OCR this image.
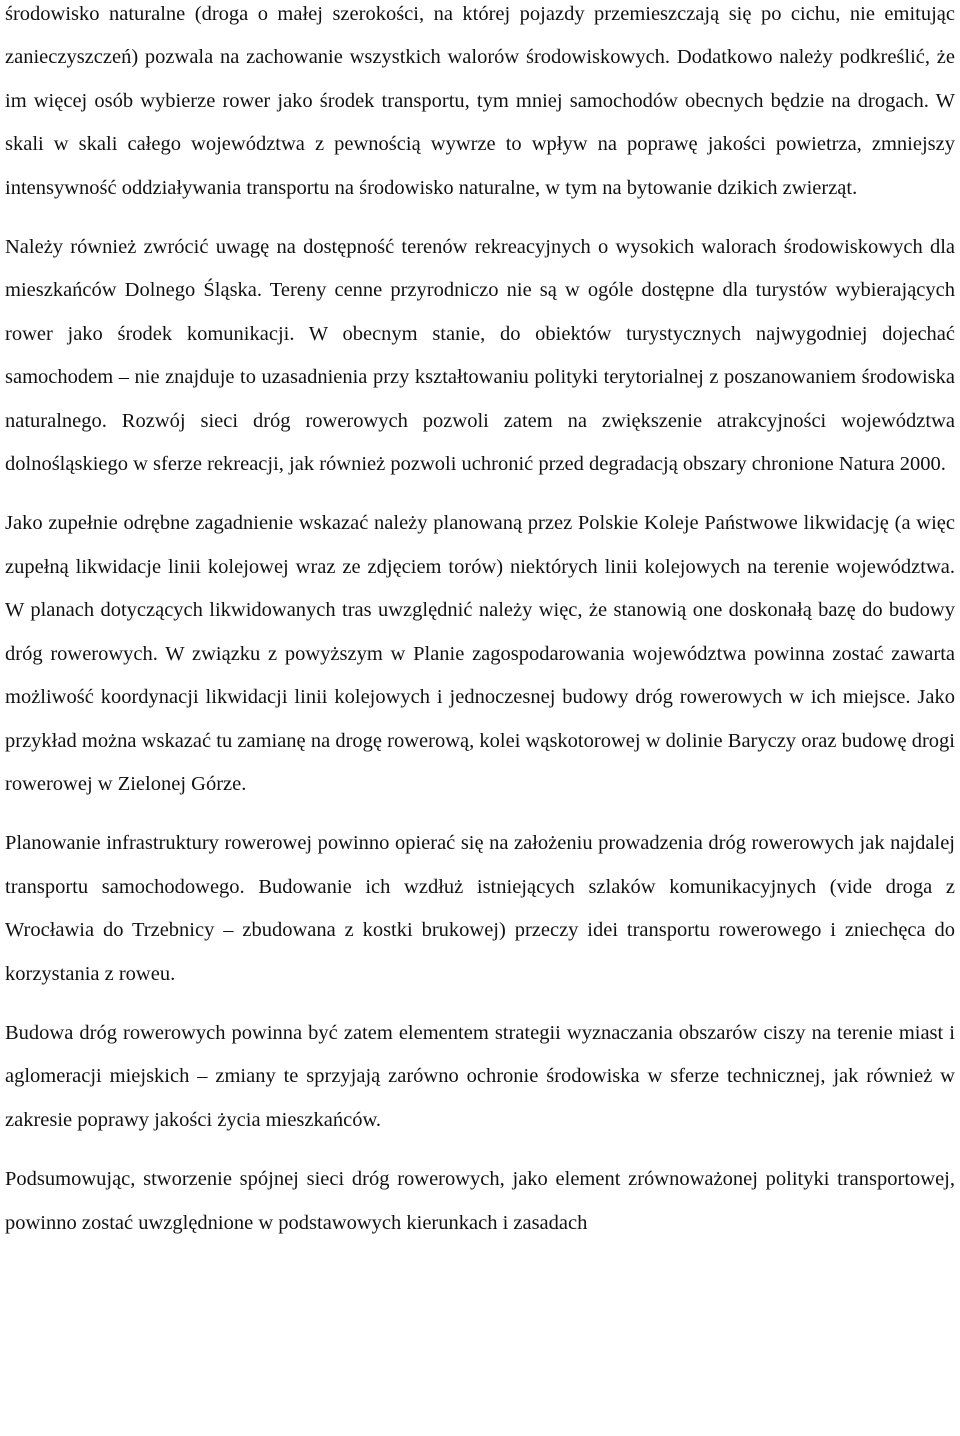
środowisko naturalne (droga o małej szerokości, na której pojazdy przemieszczają się po cichu, nie emitując zanieczyszczeń) pozwala na zachowanie wszystkich walorów środowiskowych. Dodatkowo należy podkreślić, że im więcej osób wybierze rower jako środek transportu, tym mniej samochodów obecnych będzie na drogach. W skali w skali całego województwa z pewnością wywrze to wpływ na poprawę jakości powietrza, zmniejszy intensywność oddziaływania transportu na środowisko naturalne, w tym na bytowanie dzikich zwierząt.

Należy również zwrócić uwagę na dostępność terenów rekreacyjnych o wysokich walorach środowiskowych dla mieszkańców Dolnego Śląska. Tereny cenne przyrodniczo nie są w ogóle dostępne dla turystów wybierających rower jako środek komunikacji. W obecnym stanie, do obiektów turystycznych najwygodniej dojechać samochodem – nie znajduje to uzasadnienia przy kształtowaniu polityki terytorialnej z poszanowaniem środowiska naturalnego. Rozwój sieci dróg rowerowych pozwoli zatem na zwiększenie atrakcyjności województwa dolnośląskiego w sferze rekreacji, jak również pozwoli uchronić przed degradacją obszary chronione Natura 2000.

Jako zupełnie odrębne zagadnienie wskazać należy planowaną przez Polskie Koleje Państwowe likwidację (a więc zupełną likwidacje linii kolejowej wraz ze zdjęciem torów) niektórych linii kolejowych na terenie województwa. W planach dotyczących likwidowanych tras uwzględnić należy więc, że stanowią one doskonałą bazę do budowy dróg rowerowych. W związku z powyższym w Planie zagospodarowania województwa powinna zostać zawarta możliwość koordynacji likwidacji linii kolejowych i jednoczesnej budowy dróg rowerowych w ich miejsce. Jako przykład można wskazać tu zamianę na drogę rowerową, kolei wąskotorowej w dolinie Baryczy oraz budowę drogi rowerowej w Zielonej Górze.

Planowanie infrastruktury rowerowej powinno opierać się na założeniu prowadzenia dróg rowerowych jak najdalej transportu samochodowego. Budowanie ich wzdłuż istniejących szlaków komunikacyjnych (vide droga z Wrocławia do Trzebnicy – zbudowana z kostki brukowej) przeczy idei transportu rowerowego i zniechęca do korzystania z roweu.

Budowa dróg rowerowych powinna być zatem elementem strategii wyznaczania obszarów ciszy na terenie miast i aglomeracji miejskich – zmiany te sprzyjają zarówno ochronie środowiska w sferze technicznej, jak również w zakresie poprawy jakości życia mieszkańców.

Podsumowując, stworzenie spójnej sieci dróg rowerowych, jako element zrównoważonej polityki transportowej, powinno zostać uwzględnione w podstawowych kierunkach i zasadach
